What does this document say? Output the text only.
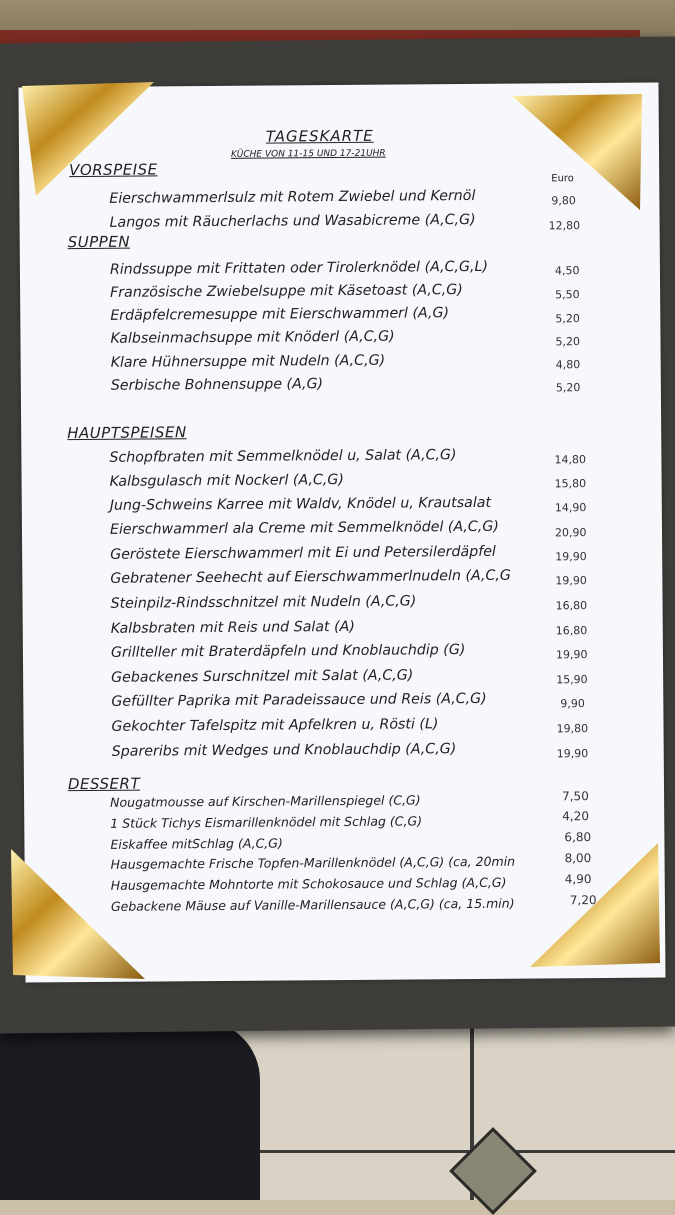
TAGESKARTE
KÜCHE VON 11-15 UND 17-21UHR
Euro
VORSPEISE
Eierschwammerlsulz mit Rotem Zwiebel und Kernöl	9,80
Langos mit Räucherlachs und Wasabicreme (A,C,G)	12,80
SUPPEN
Rindssuppe mit Frittaten oder Tirolerknödel (A,C,G,L)	4,50
Französische Zwiebelsuppe mit Käsetoast (A,C,G)	5,50
Erdäpfelcremesuppe mit Eierschwammerl (A,G)	5,20
Kalbseinmachsuppe mit Knöderl (A,C,G)	5,20
Klare Hühnersuppe mit Nudeln (A,C,G)	4,80
Serbische Bohnensuppe (A,G)	5,20
HAUPTSPEISEN
Schopfbraten mit Semmelknödel u, Salat (A,C,G)	14,80
Kalbsgulasch mit Nockerl (A,C,G)	15,80
Jung-Schweins Karree mit Waldv, Knödel u, Krautsalat	14,90
Eierschwammerl ala Creme mit Semmelknödel (A,C,G)	20,90
Geröstete Eierschwammerl mit Ei und Petersilerdäpfel	19,90
Gebratener Seehecht auf Eierschwammerlnudeln (A,C,G	19,90
Steinpilz-Rindsschnitzel mit Nudeln (A,C,G)	16,80
Kalbsbraten mit Reis und Salat (A)	16,80
Grillteller mit Braterdäpfeln und Knoblauchdip (G)	19,90
Gebackenes Surschnitzel mit Salat (A,C,G)	15,90
Gefüllter Paprika mit Paradeissauce und Reis (A,C,G)	9,90
Gekochter Tafelspitz mit Apfelkren u, Rösti (L)	19,80
Spareribs mit Wedges und Knoblauchdip (A,C,G)	19,90
DESSERT
Nougatmousse auf Kirschen-Marillenspiegel (C,G)	7,50
1 Stück Tichys Eismarillenknödel mit Schlag (C,G)	4,20
Eiskaffee mitSchlag (A,C,G)	6,80
Hausgemachte Frische Topfen-Marillenknödel (A,C,G) (ca, 20min	8,00
Hausgemachte Mohntorte mit Schokosauce und Schlag (A,C,G)	4,90
Gebackene Mäuse auf Vanille-Marillensauce (A,C,G) (ca, 15.min)	7,20
